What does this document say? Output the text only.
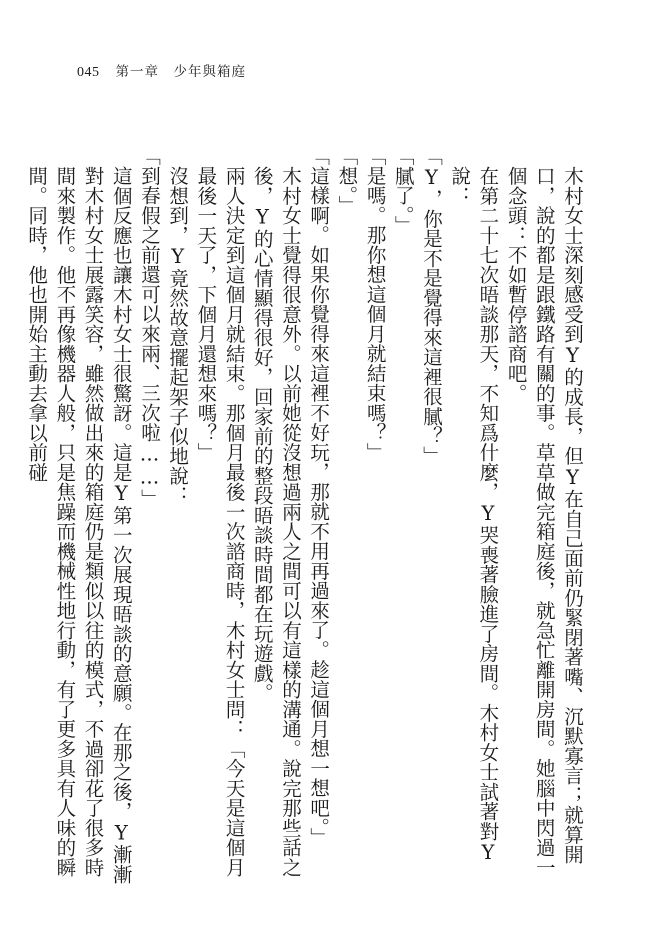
045 第一章　少年與箱庭

木村女士深刻感受到Y的成長，但Y在自己面前仍緊閉著嘴、沉默寡言；就算開口，說的都是跟鐵路有關的事。草草做完箱庭後，就急忙離開房間。她腦中閃過一個念頭：不如暫停諮商吧。

在第二十七次晤談那天，不知爲什麼，Y哭喪著臉進了房間。木村女士試著對Y說：

「Y，你是不是覺得來這裡很膩？」

「膩了。」

「是嗎。那你想這個月就結束嗎？」

「想。」

「這樣啊。如果你覺得來這裡不好玩，那就不用再過來了。趁這個月想一想吧。」

木村女士覺得很意外。以前她從沒想過兩人之間可以有這樣的溝通。說完那些話之後，Y的心情顯得很好，回家前的整段晤談時間都在玩遊戲。

兩人決定到這個月就結束。那個月最後一次諮商時，木村女士問：「今天是這個月最後一天了，下個月還想來嗎？」

沒想到，Y竟然故意擺起架子似地說：

「到春假之前還可以來兩、三次啦……」

這個反應也讓木村女士很驚訝。這是Y第一次展現晤談的意願。在那之後，Y漸漸對木村女士展露笑容，雖然做出來的箱庭仍是類似以往的模式，不過卻花了很多時間來製作。他不再像機器人般，只是焦躁而機械性地行動，有了更多具有人味的瞬間。同時，他也開始主動去拿以前碰
